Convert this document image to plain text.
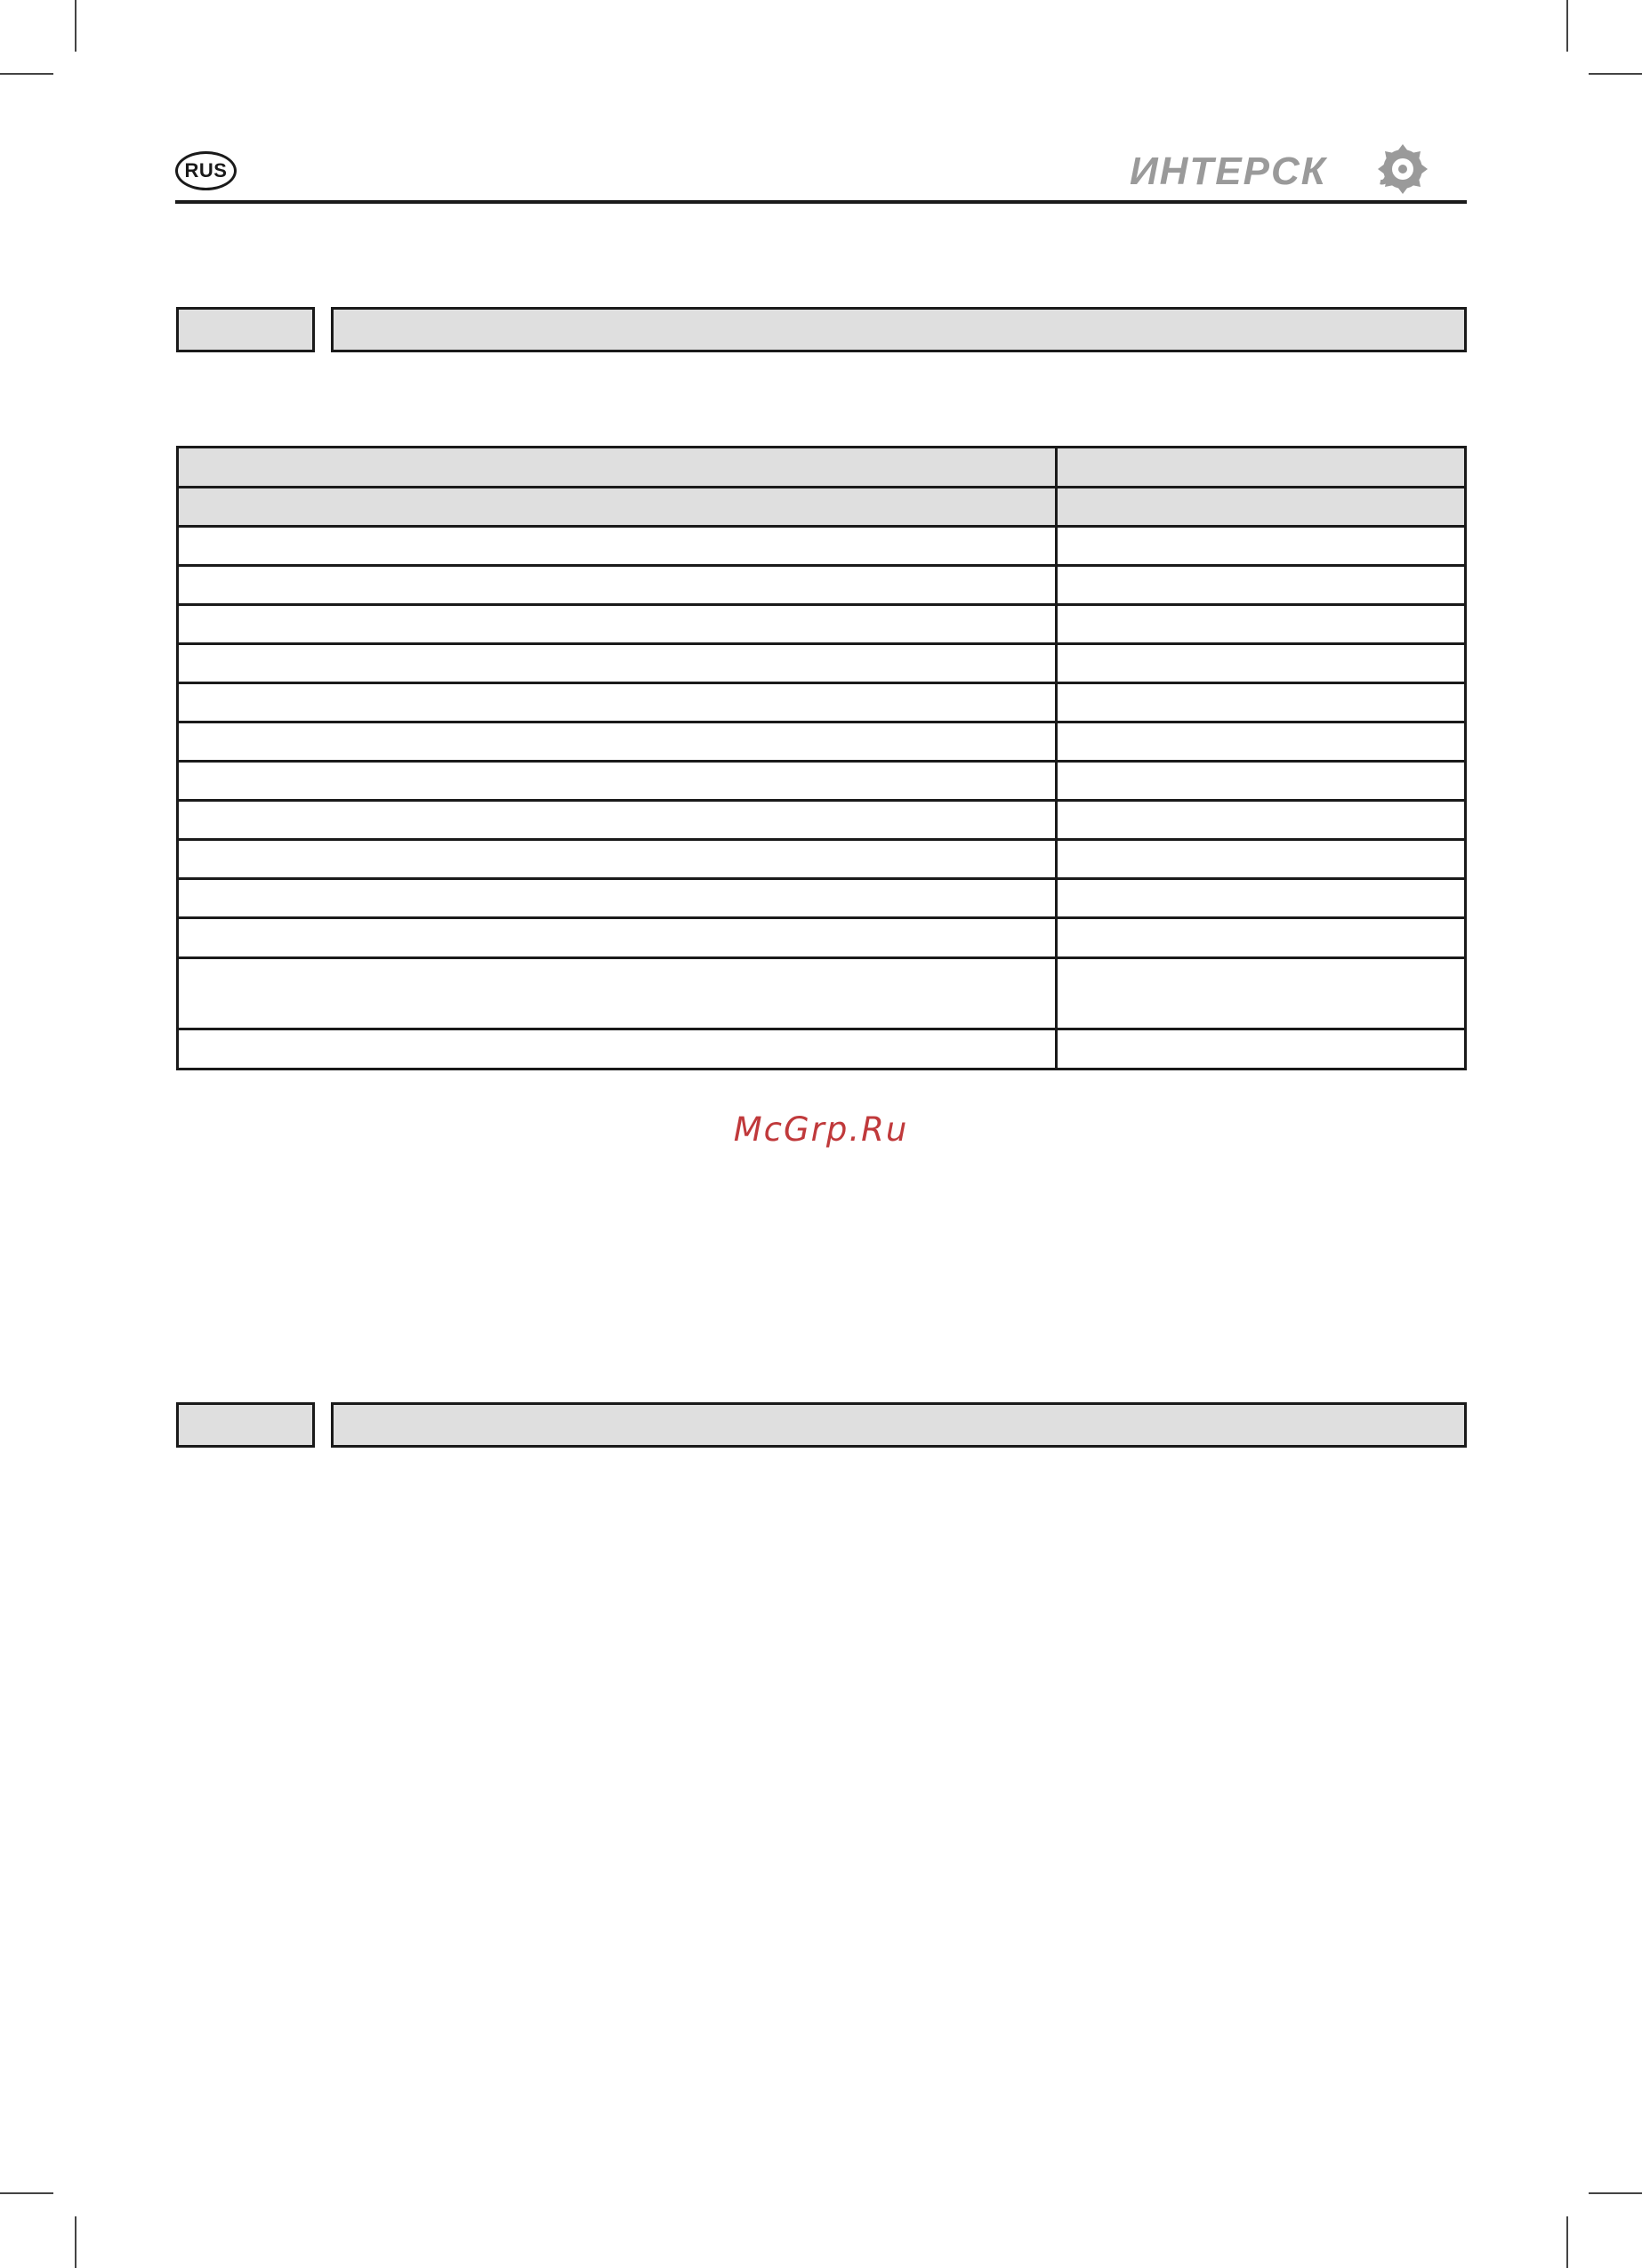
RUS	ИНТЕРСК

McGrp.Ru
